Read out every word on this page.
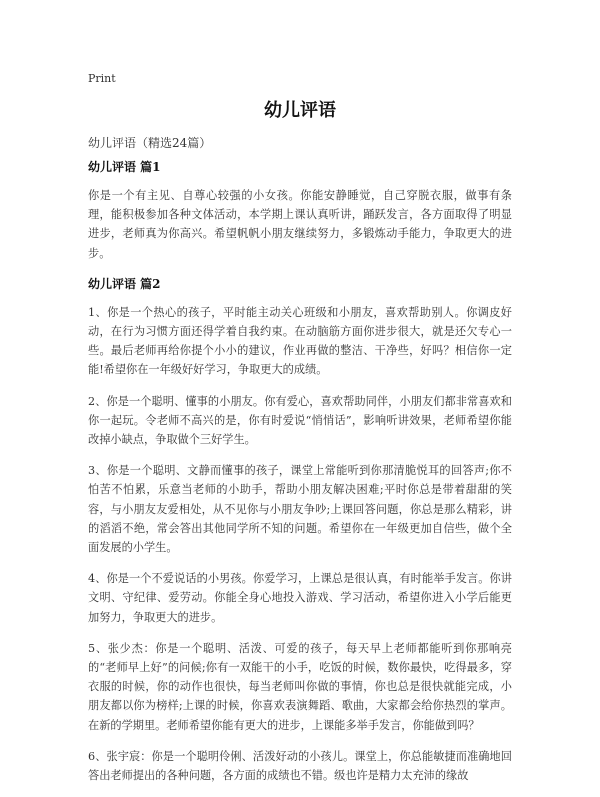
Print
幼儿评语
幼儿评语（精选24篇）
幼儿评语 篇1

你是一个有主见、自尊心较强的小女孩。你能安静睡觉，自己穿脱衣服，做事有条理，能积极参加各种文体活动，本学期上课认真听讲，踊跃发言，各方面取得了明显进步，老师真为你高兴。希望帆帆小朋友继续努力，多锻炼动手能力，争取更大的进步。

幼儿评语 篇2

1、你是一个热心的孩子，平时能主动关心班级和小朋友，喜欢帮助别人。你调皮好动，在行为习惯方面还得学着自我约束。在动脑筋方面你进步很大，就是还欠专心一些。最后老师再给你提个小小的建议，作业再做的整洁、干净些，好吗？相信你一定能!希望你在一年级好好学习，争取更大的成绩。

2、你是一个聪明、懂事的小朋友。你有爱心，喜欢帮助同伴，小朋友们都非常喜欢和你一起玩。令老师不高兴的是，你有时爱说“悄悄话”，影响听讲效果，老师希望你能改掉小缺点，争取做个三好学生。

3、你是一个聪明、文静而懂事的孩子，课堂上常能听到你那清脆悦耳的回答声;你不怕苦不怕累，乐意当老师的小助手，帮助小朋友解决困难;平时你总是带着甜甜的笑容，与小朋友友爱相处，从不见你与小朋友争吵;上课回答问题，你总是那么精彩，讲的滔滔不绝，常会答出其他同学所不知的问题。希望你在一年级更加自信些，做个全面发展的小学生。

4、你是一个不爱说话的小男孩。你爱学习，上课总是很认真，有时能举手发言。你讲文明、守纪律、爱劳动。你能全身心地投入游戏、学习活动，希望你进入小学后能更加努力，争取更大的进步。

5、张少杰：你是一个聪明、活泼、可爱的孩子，每天早上老师都能听到你那响亮的“老师早上好”的问候;你有一双能干的小手，吃饭的时候，数你最快，吃得最多，穿衣服的时候，你的动作也很快，每当老师叫你做的事情，你也总是很快就能完成，小朋友都以你为榜样;上课的时候，你喜欢表演舞蹈、歌曲，大家都会给你热烈的掌声。在新的学期里。老师希望你能有更大的进步，上课能多举手发言，你能做到吗？

6、张宇宸：你是一个聪明伶俐、活泼好动的小孩儿。课堂上，你总能敏捷而准确地回答出老师提出的各种问题，各方面的成绩也不错。级也许是精力太充沛的缘故
